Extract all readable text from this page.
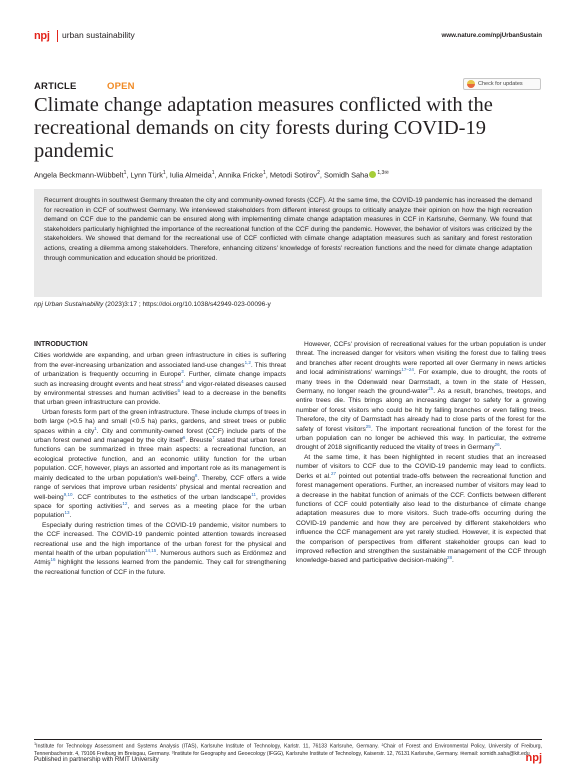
npj urban sustainability	www.nature.com/npjUrbanSustain
ARTICLE	OPEN	Check for updates
Climate change adaptation measures conflicted with the recreational demands on city forests during COVID-19 pandemic
Angela Beckmann-Wübbelt$^1$, Lynn Türk$^1$, Iulia Almeida$^1$, Annika Fricke$^1$, Metodi Sotirov$^2$, Somidh Saha $^{1,3✉}$
Recurrent droughts in southwest Germany threaten the city and community-owned forests (CCF). At the same time, the COVID-19 pandemic has increased the demand for recreation in CCF of southwest Germany. We interviewed stakeholders from different interest groups to critically analyze their opinion on how the high recreation demand on CCF due to the pandemic can be ensured along with implementing climate change adaptation measures in CCF in Karlsruhe, Germany. We found that stakeholders particularly highlighted the importance of the recreational function of the CCF during the pandemic. However, the behavior of visitors was criticized by the stakeholders. We showed that demand for the recreational use of CCF conflicted with climate change adaptation measures such as sanitary and forest restoration actions, creating a dilemma among stakeholders. Therefore, enhancing citizens' knowledge of forests' recreation functions and the need for climate change adaptation through communication and education should be prioritized.
npj Urban Sustainability (2023)3:17 ; https://doi.org/10.1038/s42949-023-00096-y
INTRODUCTION

Cities worldwide are expanding, and urban green infrastructure in cities is suffering from the ever-increasing urbanization and associated land-use changes$^{1,2}$. This threat of urbanization is frequently occurring in Europe$^3$. Further, climate change impacts such as increasing drought events and heat stress$^4$ and vigor-related diseases caused by environmental stresses and human activities$^5$ lead to a decrease in the benefits that urban green infrastructure can provide.

Urban forests form part of the green infrastructure. These include clumps of trees in both large (>0.5 ha) and small (<0.5 ha) parks, gardens, and street trees or public spaces within a city$^1$. City and community-owned forest (CCF) include parts of the urban forest owned and managed by the city itself$^6$. Breuste$^7$ stated that urban forest functions can be summarized in three main aspects: a recreational function, an ecological protective function, and an economic utility function for the urban population. CCF, however, plays an assorted and important role as its management is mainly dedicated to the urban population's well-being$^8$. Thereby, CCF offers a wide range of services that improve urban residents' physical and mental recreation and well-being$^{9,10}$. CCF contributes to the esthetics of the urban landscape$^{11}$, provides space for sporting activities$^{12}$, and serves as a meeting place for the urban population$^{13}$.

Especially during restriction times of the COVID-19 pandemic, visitor numbers to the CCF increased. The COVID-19 pandemic pointed attention towards increased recreational use and the high importance of the urban forest for the physical and mental health of the urban population$^{14,15}$. Numerous authors such as Erdönmez and Atmiş$^{16}$ highlight the lessons learned from the pandemic. They call for strengthening the recreational function of CCF in the future.

However, CCFs' provision of recreational values for the urban population is under threat. The increased danger for visitors when visiting the forest due to falling trees and branches after recent droughts were reported all over Germany in news articles and local administrations' warnings$^{17-24}$. For example, due to drought, the roots of many trees in the Odenwald near Darmstadt, a town in the state of Hessen, Germany, no longer reach the ground-water$^{25}$. As a result, branches, treetops, and entire trees die. This brings along an increasing danger to safety for a growing number of forest visitors who could be hit by falling branches or even falling trees. Therefore, the city of Darmstadt has already had to close parts of the forest for the safety of forest visitors$^{25}$. The important recreational function of the forest for the urban population can no longer be achieved this way. In particular, the extreme drought of 2018 significantly reduced the vitality of trees in Germany$^{26}$.

At the same time, it has been highlighted in recent studies that an increased number of visitors to CCF due to the COVID-19 pandemic may lead to conflicts. Derks et al.$^{27}$ pointed out potential trade-offs between the recreational function and forest management operations. Further, an increased number of visitors may lead to a decrease in the habitat function of animals of the CCF. Conflicts between different functions of CCF could potentially also lead to the disturbance of climate change adaptation measures due to more visitors. Such trade-offs occurring during the COVID-19 pandemic and how they are perceived by different stakeholders who influence the CCF management are yet rarely studied. However, it is expected that the comparison of perspectives from different stakeholder groups can lead to improved reflection and strengthen the sustainable management of the CCF through knowledge-based and participative decision-making$^{28}$.

$^1$Institute for Technology Assessment and Systems Analysis (ITAS), Karlsruhe Institute of Technology, Karlstr. 11, 76133 Karlsruhe, Germany. ²Chair of Forest and Environmental Policy, University of Freiburg, Tennenbacherstr. 4, 79106 Freiburg im Breisgau, Germany. ³Institute for Geography and Geoecology (IFGG), Karlsruhe Institute of Technology, Kaiserstr. 12, 76131 Karlsruhe, Germany. ✉email: somidh.saha@kit.edu
Published in partnership with RMIT University	npj
